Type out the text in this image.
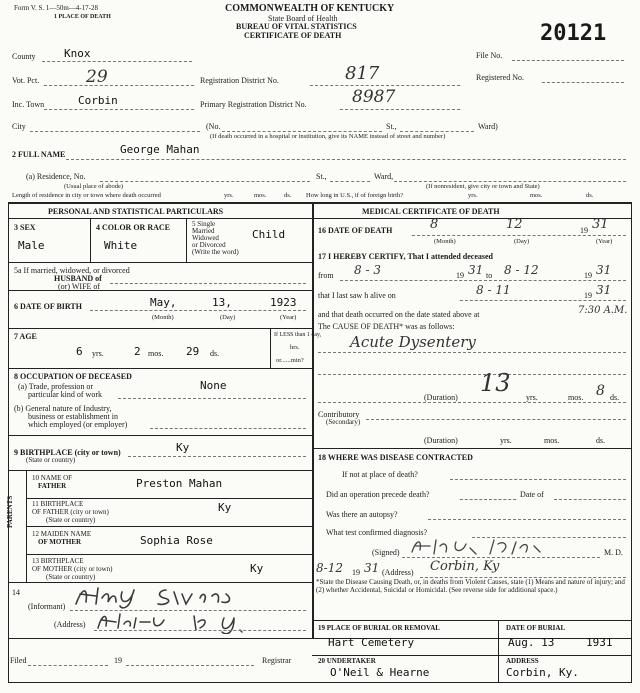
Form V. S. 1—50m—4-17-28
1 PLACE OF DEATH
COMMONWEALTH OF KENTUCKY
State Board of Health
BUREAU OF VITAL STATISTICS
CERTIFICATE OF DEATH	20121
File No.
Registered No.
County	Knox
Vot. Pct.	29	Registration District No.	817
Inc. Town	Corbin	Primary Registration District No.	8987
City	(No.	St.,	Ward)
(If death occurred in a hospital or institution, give its NAME instead of street and number)
2 FULL NAME	George Mahan
(a) Residence, No.	St.,	Ward,
(Usual place of abode)	(If nonresident, give city or town and State)
Length of residence in city or town where death occurred	yrs.	mos.	ds. How long in U.S., if of foreign birth?	yrs.	mos.	ds.
PERSONAL AND STATISTICAL PARTICULARS
3 SEX
Male
4 COLOR OR RACE
White
5 Single
Married
Widowed
or Divorced
(Write the word)
Child
5a If married, widowed, or divorced
HUSBAND of
(or) WIFE of
6 DATE OF BIRTH	May,	13,	1923
(Month)	(Day)	(Year)
7 AGE
6 yrs.	2 mos. 29 ds.
If LESS than 1 day,
hrs.
or......min?
8 OCCUPATION OF DECEASED
(a) Trade, profession or
particular kind of work
None
(b) General nature of Industry,
business or establishment in
which employed (or employer)
9 BIRTHPLACE (city or town)
(State or country)
Ky
PARENTS
10 NAME OF
FATHER	Preston Mahan
11 BIRTHPLACE
OF FATHER (city or town)
(State or country)
Ky
12 MAIDEN NAME
OF MOTHER	Sophia Rose
13 BIRTHPLACE
OF MOTHER (city or town)
(State or country)
Ky
14
(Informant)
(Address)
Filed	19	Registrar
MEDICAL CERTIFICATE OF DEATH
16 DATE OF DEATH	8	12	19 31
(Month)	(Day)	(Year)
17 I HEREBY CERTIFY, That I attended deceased
from 8 - 3	19 31 to 8 - 12	19 31
that I last saw h alive on	8 - 11	19 31
and that death occurred on the date stated above at	7:30 A.M.
The CAUSE OF DEATH* was as follows:
Acute Dysentery
13
(Duration)	yrs.	mos. 8 ds.
Contributory
(Secondary)
(Duration)	yrs.	mos.	ds.
18 WHERE WAS DISEASE CONTRACTED
If not at place of death?
Did an operation precede death?	Date of
Was there an autopsy?
What test confirmed diagnosis?
(Signed)	M. D.
8-12 19 31 (Address) Corbin, Ky
*State the Disease Causing Death, or, in deaths from Violent Causes, state (1) Means and nature of injury; and (2) whether Accidental, Suicidal or Homicidal. (See reverse side for additional space.)
19 PLACE OF BURIAL OR REMOVAL
Hart Cemetery
DATE OF BURIAL
Aug. 13	1931
20 UNDERTAKER
O'Neil & Hearne
ADDRESS
Corbin, Ky.
